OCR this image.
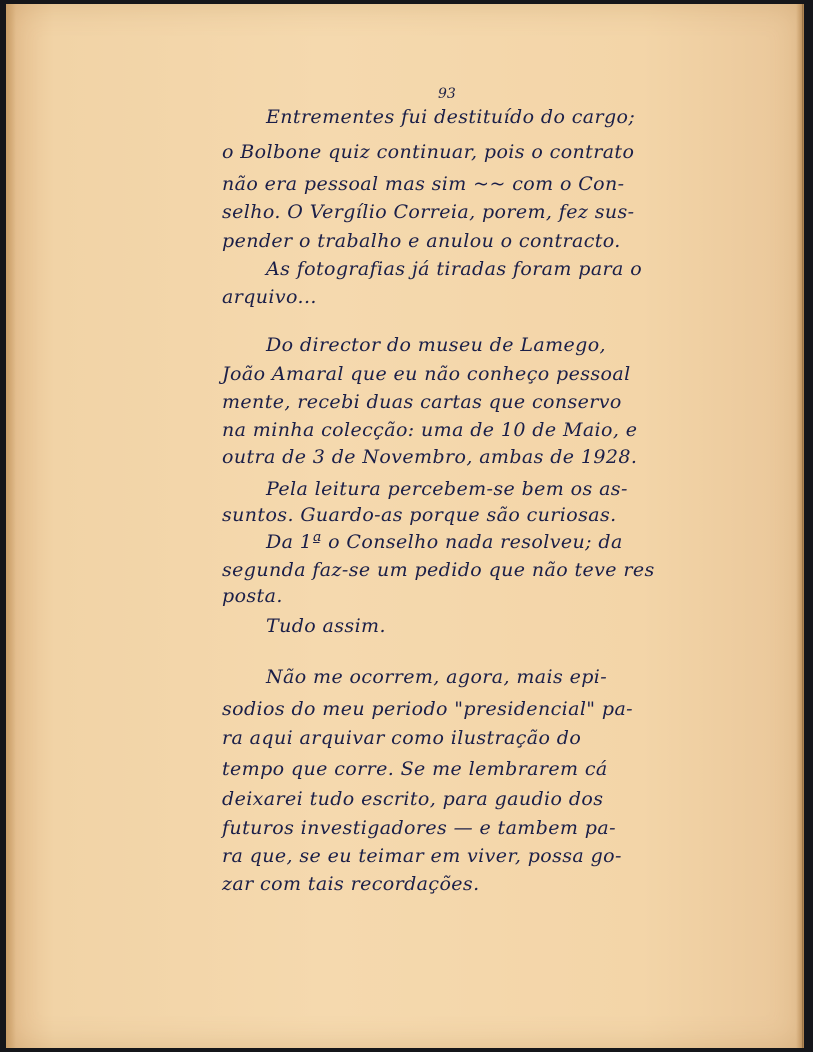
93
Entrementes fui destituído do cargo;
o Bolbone quiz continuar, pois o contrato
não era pessoal mas sim ~~ com o Con-
selho. O Vergílio Correia, porem, fez sus-
pender o trabalho e anulou o contracto.
As fotografias já tiradas foram para o
arquivo...
Do director do museu de Lamego,
João Amaral que eu não conheço pessoal
mente, recebi duas cartas que conservo
na minha colecção: uma de 10 de Maio, e
outra de 3 de Novembro, ambas de 1928.
Pela leitura percebem-se bem os as-
suntos. Guardo-as porque são curiosas.
Da 1ª o Conselho nada resolveu; da
segunda faz-se um pedido que não teve res
posta.
Tudo assim.
Não me ocorrem, agora, mais epi-
sodios do meu periodo "presidencial" pa-
ra aqui arquivar como ilustração do
tempo que corre. Se me lembrarem cá
deixarei tudo escrito, para gaudio dos
futuros investigadores — e tambem pa-
ra que, se eu teimar em viver, possa go-
zar com tais recordações.
